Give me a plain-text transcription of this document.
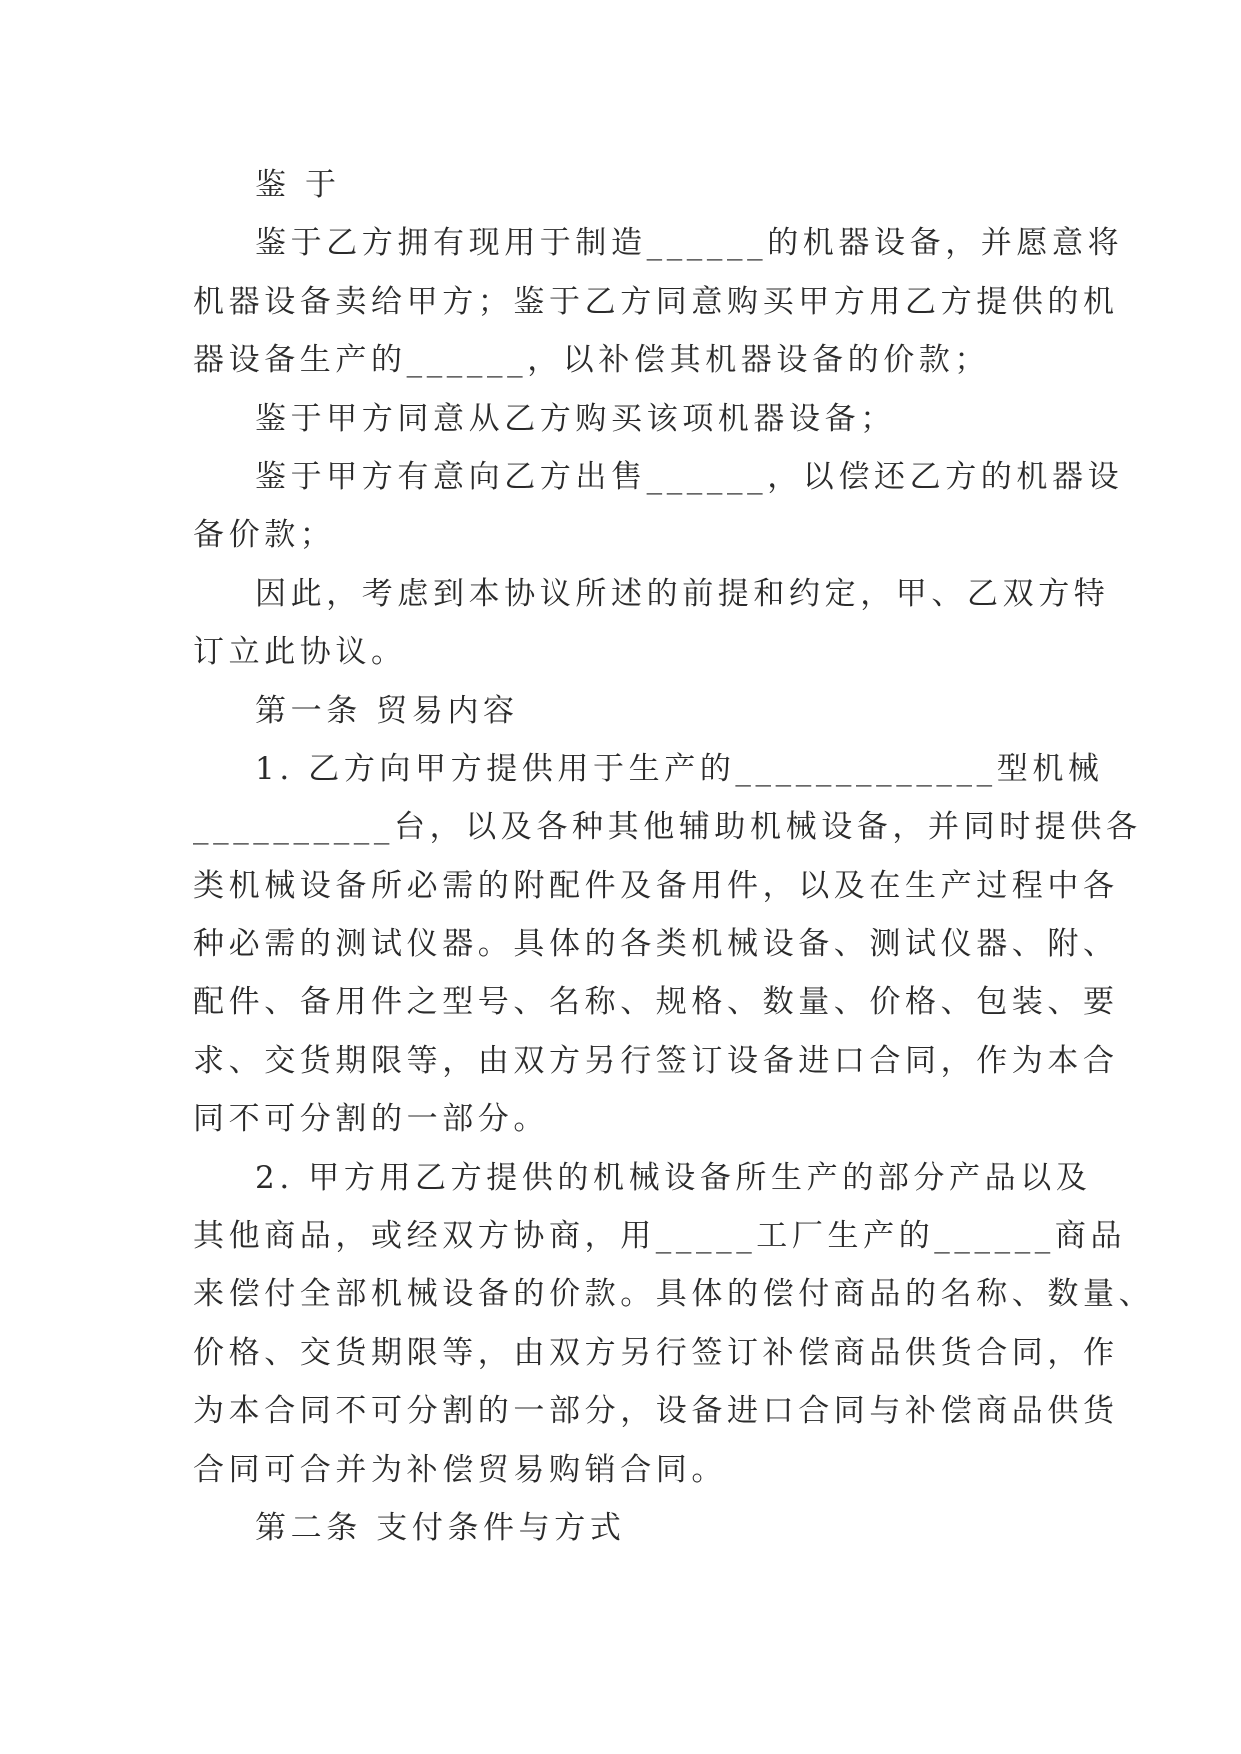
鉴 于
鉴于乙方拥有现用于制造______的机器设备，并愿意将
机器设备卖给甲方；鉴于乙方同意购买甲方用乙方提供的机
器设备生产的______，以补偿其机器设备的价款；
鉴于甲方同意从乙方购买该项机器设备；
鉴于甲方有意向乙方出售______，以偿还乙方的机器设
备价款；
因此，考虑到本协议所述的前提和约定，甲、乙双方特
订立此协议。
第一条 贸易内容
1. 乙方向甲方提供用于生产的_____________型机械
__________台，以及各种其他辅助机械设备，并同时提供各
类机械设备所必需的附配件及备用件，以及在生产过程中各
种必需的测试仪器。具体的各类机械设备、测试仪器、附、
配件、备用件之型号、名称、规格、数量、价格、包装、要
求、交货期限等，由双方另行签订设备进口合同，作为本合
同不可分割的一部分。
2. 甲方用乙方提供的机械设备所生产的部分产品以及
其他商品，或经双方协商，用_____工厂生产的______商品
来偿付全部机械设备的价款。具体的偿付商品的名称、数量、
价格、交货期限等，由双方另行签订补偿商品供货合同，作
为本合同不可分割的一部分，设备进口合同与补偿商品供货
合同可合并为补偿贸易购销合同。
第二条 支付条件与方式
